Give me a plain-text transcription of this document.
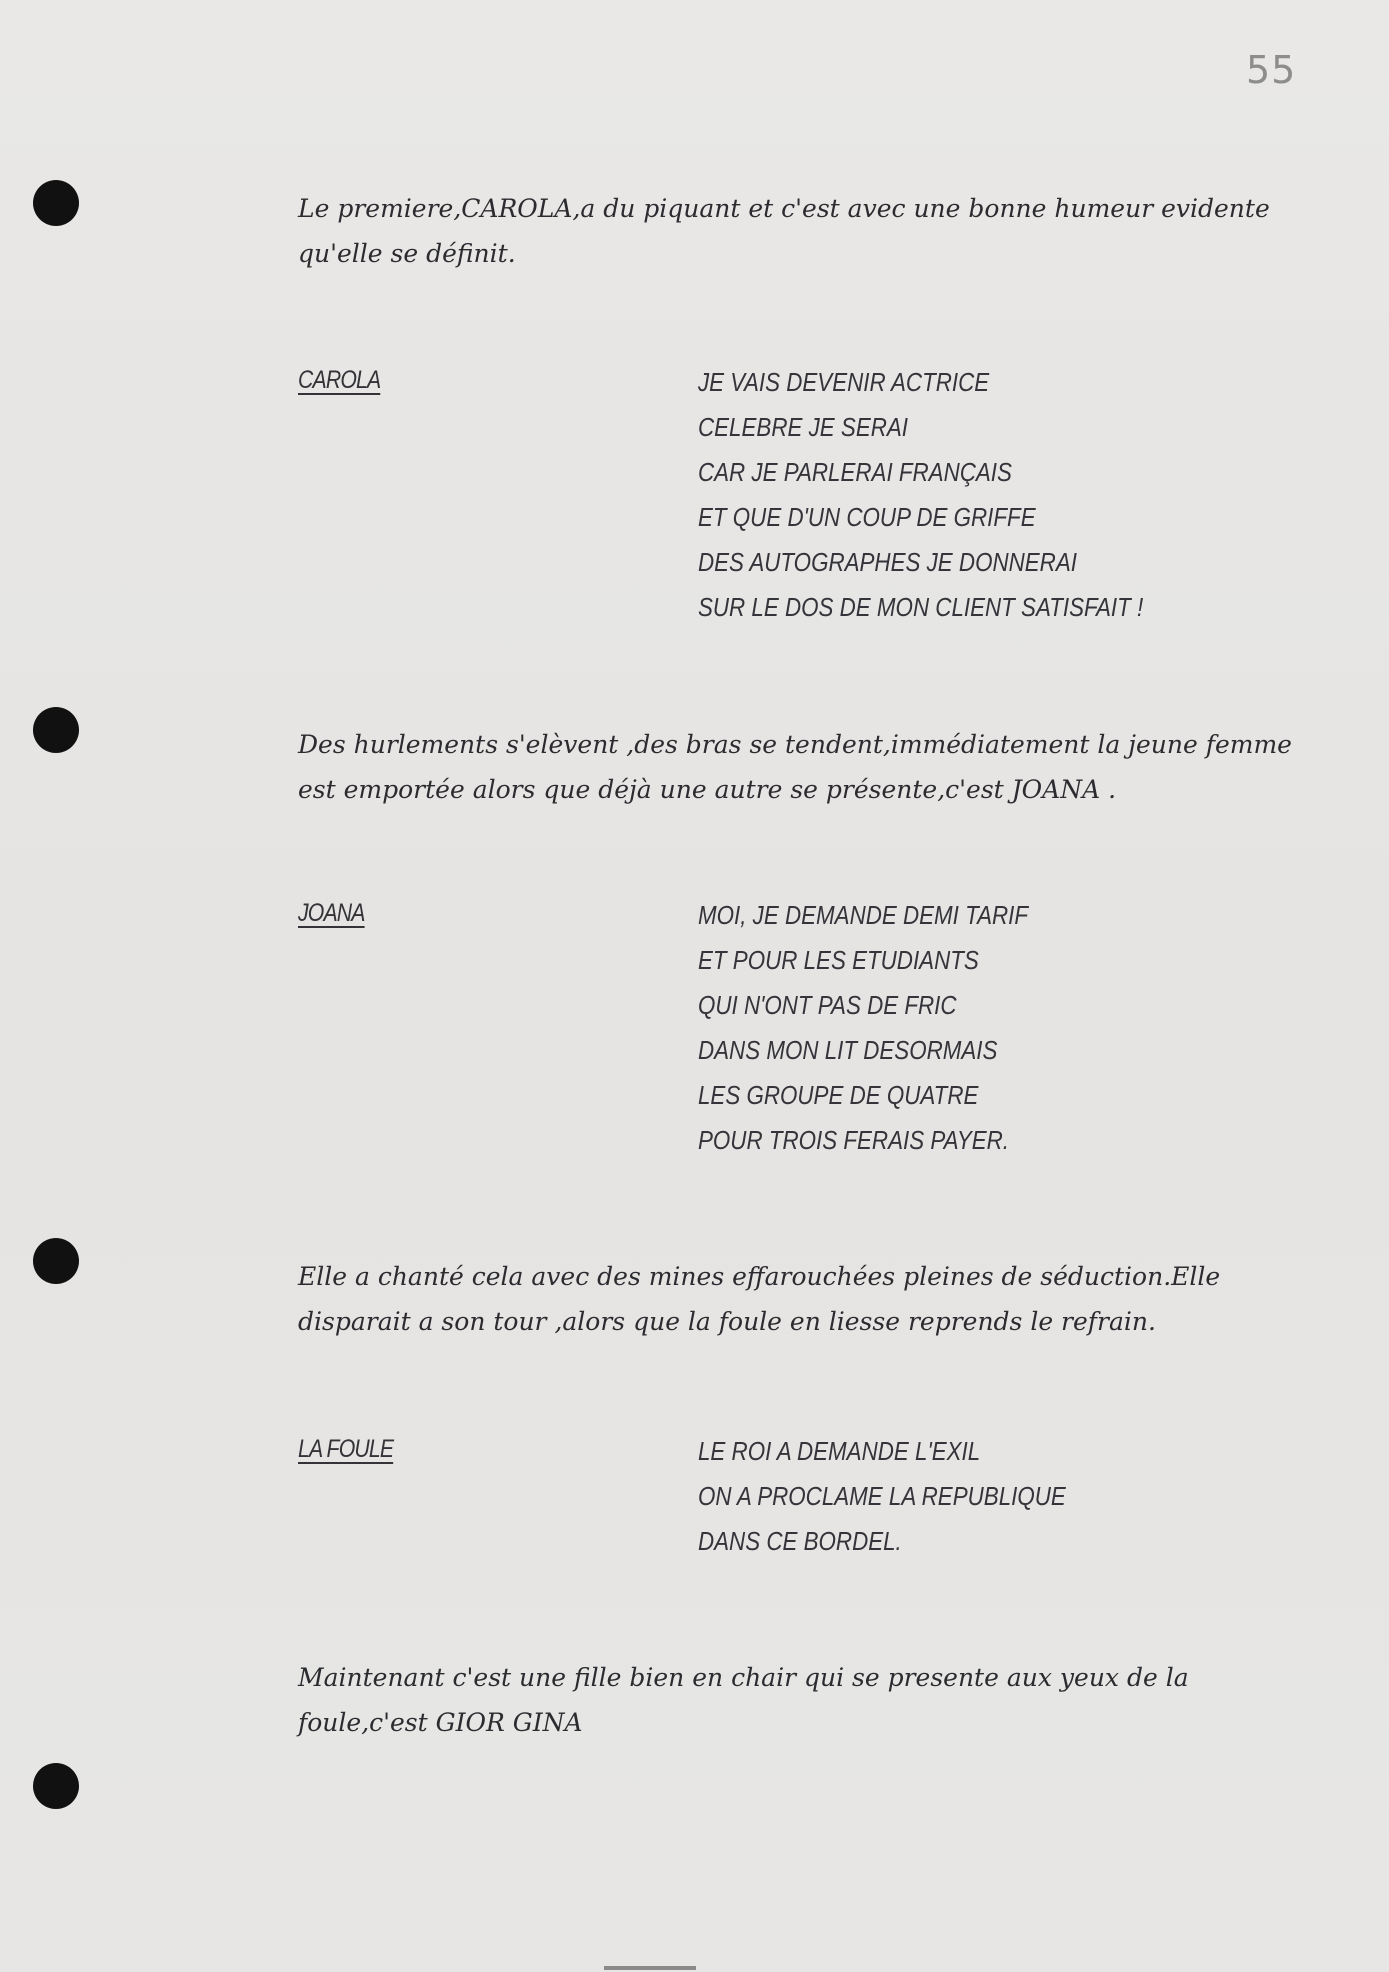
55

Le premiere,CAROLA,a du piquant et c'est avec une bonne humeur evidente qu'elle se définit.

CAROLA	JE VAIS DEVENIR ACTRICE
CELEBRE JE SERAI
CAR JE PARLERAI FRANÇAIS
ET QUE D'UN COUP DE GRIFFE
DES AUTOGRAPHES JE DONNERAI
SUR LE DOS DE MON CLIENT SATISFAIT !

Des hurlements s'elèvent ,des bras se tendent,immédiatement la jeune femme est emportée alors que déjà une autre se présente,c'est JOANA .

JOANA	MOI, JE DEMANDE DEMI TARIF
ET POUR LES ETUDIANTS
QUI N'ONT PAS DE FRIC
DANS MON LIT DESORMAIS
LES GROUPE DE QUATRE
POUR TROIS FERAIS PAYER.

Elle a chanté cela avec des mines effarouchées pleines de séduction.Elle disparait a son tour ,alors que la foule en liesse reprends le refrain.

LA FOULE	LE ROI A DEMANDE L'EXIL
ON A PROCLAME LA REPUBLIQUE
DANS CE BORDEL.

Maintenant c'est une fille bien en chair qui se presente aux yeux de la foule,c'est GIOR GINA
